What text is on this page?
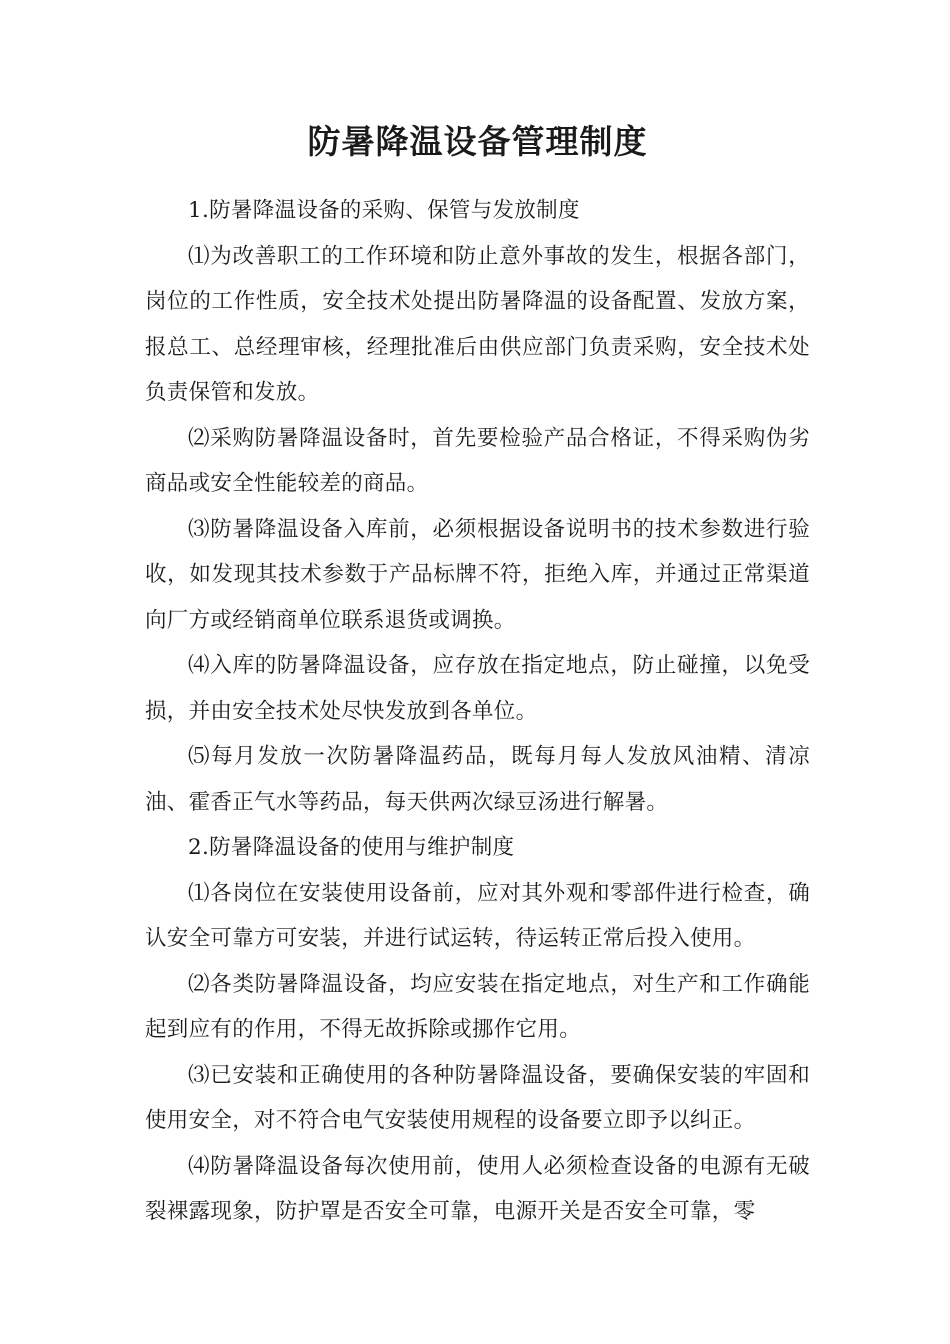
防暑降温设备管理制度

1.防暑降温设备的采购、保管与发放制度

⑴为改善职工的工作环境和防止意外事故的发生，根据各部门，岗位的工作性质，安全技术处提出防暑降温的设备配置、发放方案，报总工、总经理审核，经理批准后由供应部门负责采购，安全技术处负责保管和发放。

⑵采购防暑降温设备时，首先要检验产品合格证，不得采购伪劣商品或安全性能较差的商品。

⑶防暑降温设备入库前，必须根据设备说明书的技术参数进行验收，如发现其技术参数于产品标牌不符，拒绝入库，并通过正常渠道向厂方或经销商单位联系退货或调换。

⑷入库的防暑降温设备，应存放在指定地点，防止碰撞，以免受损，并由安全技术处尽快发放到各单位。

⑸每月发放一次防暑降温药品，既每月每人发放风油精、清凉油、霍香正气水等药品，每天供两次绿豆汤进行解暑。

2.防暑降温设备的使用与维护制度

⑴各岗位在安装使用设备前，应对其外观和零部件进行检查，确认安全可靠方可安装，并进行试运转，待运转正常后投入使用。

⑵各类防暑降温设备，均应安装在指定地点，对生产和工作确能起到应有的作用，不得无故拆除或挪作它用。

⑶已安装和正确使用的各种防暑降温设备，要确保安装的牢固和使用安全，对不符合电气安装使用规程的设备要立即予以纠正。

⑷防暑降温设备每次使用前，使用人必须检查设备的电源有无破裂裸露现象，防护罩是否安全可靠，电源开关是否安全可靠，零
